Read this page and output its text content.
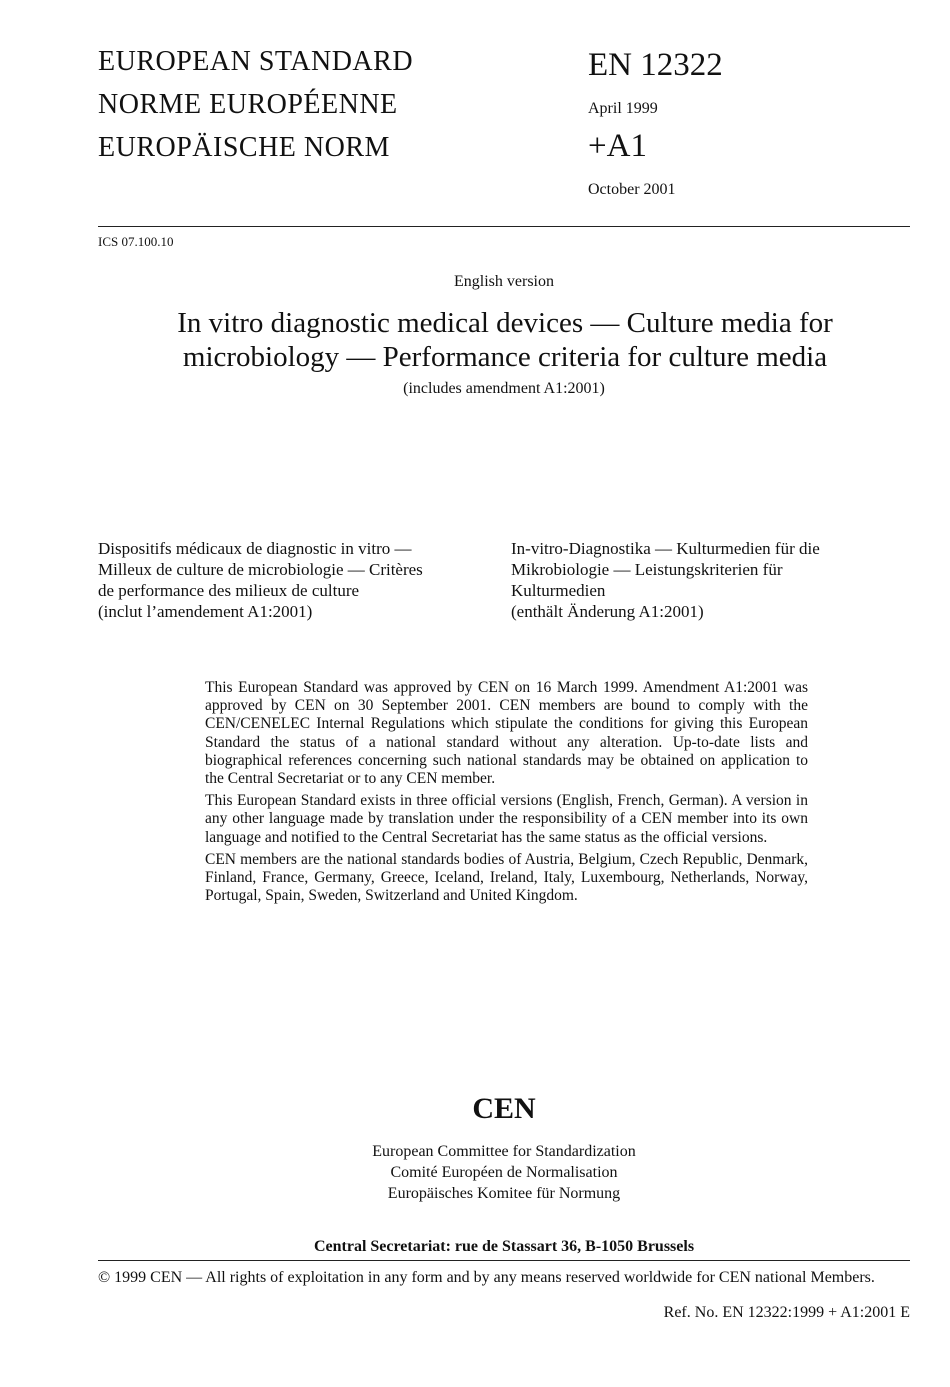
EUROPEAN STANDARD
NORME EUROPÉENNE
EUROPÄISCHE NORM
EN 12322
April 1999
+A1
October 2001
ICS 07.100.10
English version
In vitro diagnostic medical devices — Culture media for
microbiology — Performance criteria for culture media
(includes amendment A1:2001)
Dispositifs médicaux de diagnostic in vitro —
Milleux de culture de microbiologie — Critères
de performance des milieux de culture
(inclut l’amendement A1:2001)
In-vitro-Diagnostika — Kulturmedien für die
Mikrobiologie — Leistungskriterien für
Kulturmedien
(enthält Änderung A1:2001)

This European Standard was approved by CEN on 16 March 1999. Amendment A1:2001 was approved by CEN on 30 September 2001. CEN members are bound to comply with the CEN/CENELEC Internal Regulations which stipulate the conditions for giving this European Standard the status of a national standard without any alteration. Up-to-date lists and biographical references concerning such national standards may be obtained on application to the Central Secretariat or to any CEN member.

This European Standard exists in three official versions (English, French, German). A version in any other language made by translation under the responsibility of a CEN member into its own language and notified to the Central Secretariat has the same status as the official versions.

CEN members are the national standards bodies of Austria, Belgium, Czech Republic, Denmark, Finland, France, Germany, Greece, Iceland, Ireland, Italy, Luxembourg, Netherlands, Norway, Portugal, Spain, Sweden, Switzerland and United Kingdom.

CEN
European Committee for Standardization
Comité Européen de Normalisation
Europäisches Komitee für Normung
Central Secretariat: rue de Stassart 36, B-1050 Brussels
© 1999 CEN — All rights of exploitation in any form and by any means reserved worldwide for CEN national Members.
Ref. No. EN 12322:1999 + A1:2001 E
